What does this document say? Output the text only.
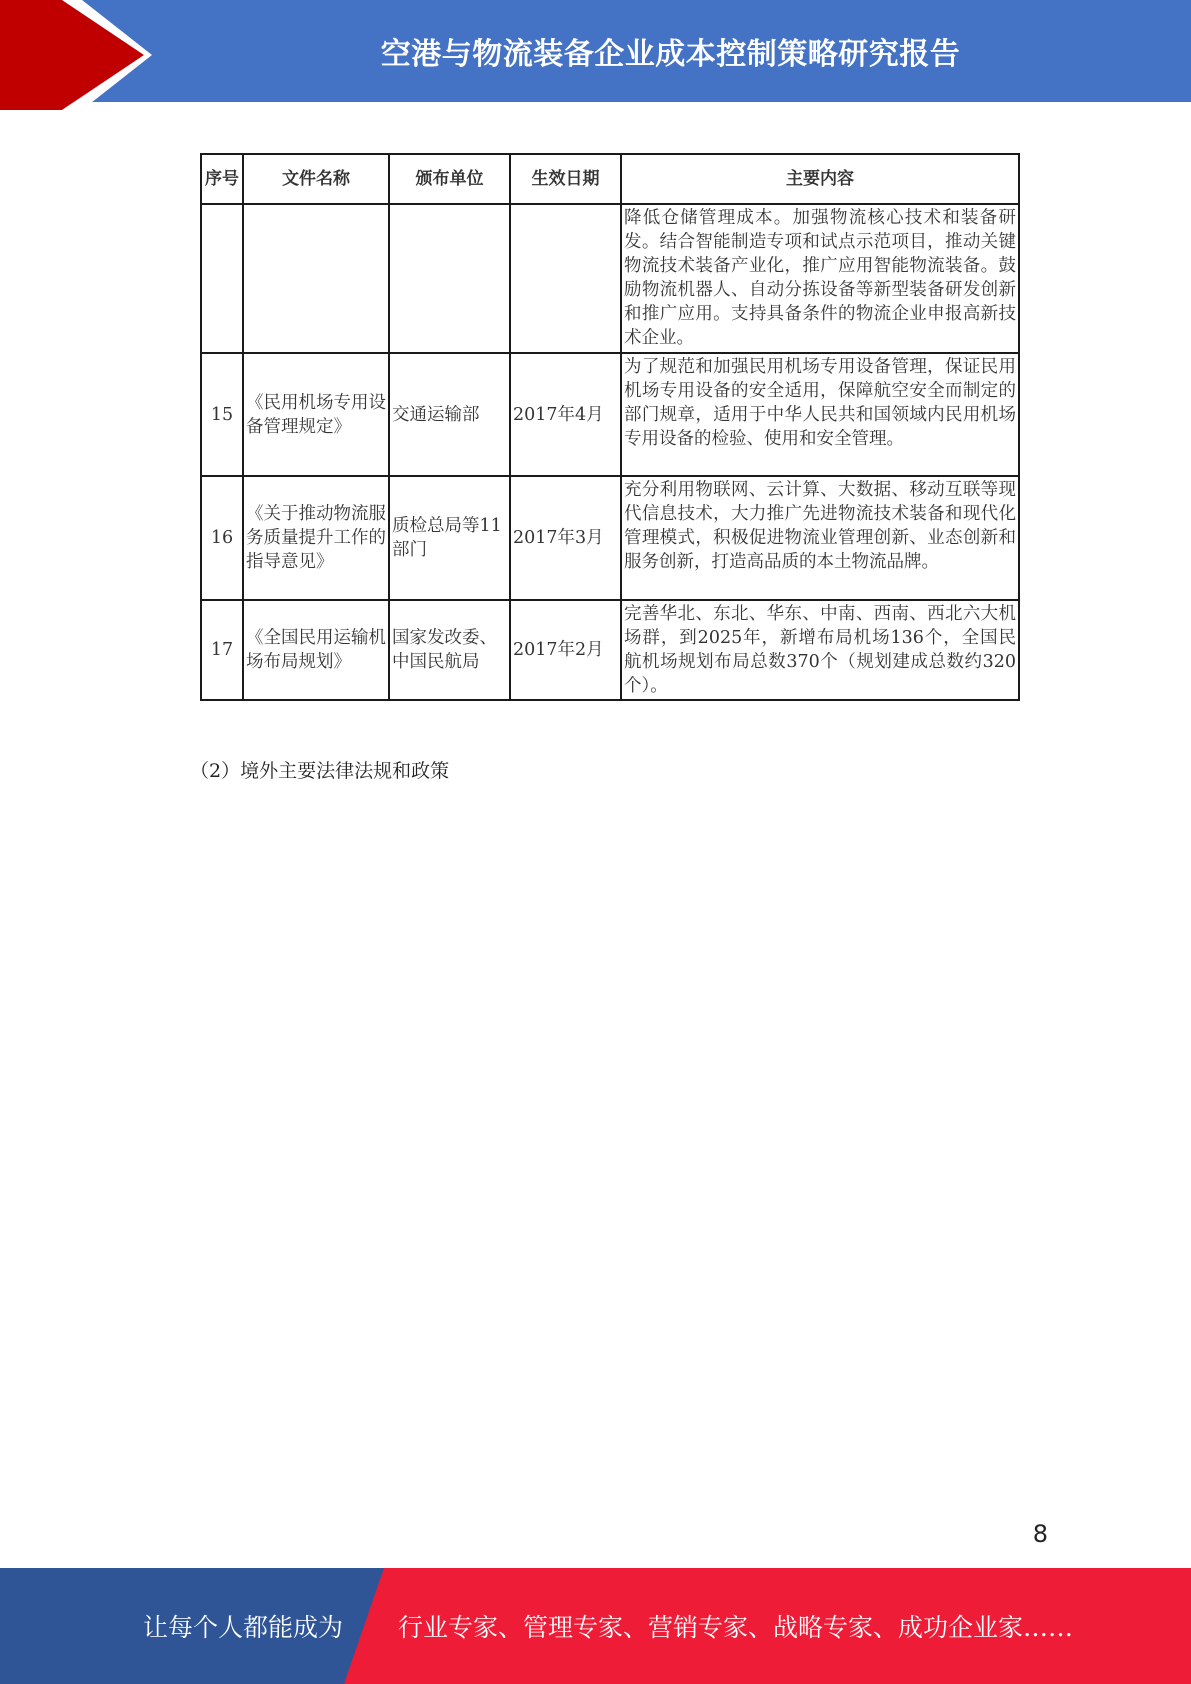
空港与物流装备企业成本控制策略研究报告
序号	文件名称	颁布单位	生效日期	主要内容
				降低仓储管理成本。加强物流核心技术和装备研发。结合智能制造专项和试点示范项目，推动关键物流技术装备产业化，推广应用智能物流装备。鼓励物流机器人、自动分拣设备等新型装备研发创新和推广应用。支持具备条件的物流企业申报高新技术企业。
15	《民用机场专用设备管理规定》	交通运输部	2017年4月	为了规范和加强民用机场专用设备管理，保证民用机场专用设备的安全适用，保障航空安全而制定的部门规章，适用于中华人民共和国领域内民用机场专用设备的检验、使用和安全管理。
16	《关于推动物流服务质量提升工作的指导意见》	质检总局等11部门	2017年3月	充分利用物联网、云计算、大数据、移动互联等现代信息技术，大力推广先进物流技术装备和现代化管理模式，积极促进物流业管理创新、业态创新和服务创新，打造高品质的本土物流品牌。
17	《全国民用运输机场布局规划》	国家发改委、中国民航局	2017年2月	完善华北、东北、华东、中南、西南、西北六大机场群，到2025年，新增布局机场136个，全国民航机场规划布局总数370个（规划建成总数约320个）。
（2）境外主要法律法规和政策
8
让每个人都能成为 行业专家、管理专家、营销专家、战略专家、成功企业家……
